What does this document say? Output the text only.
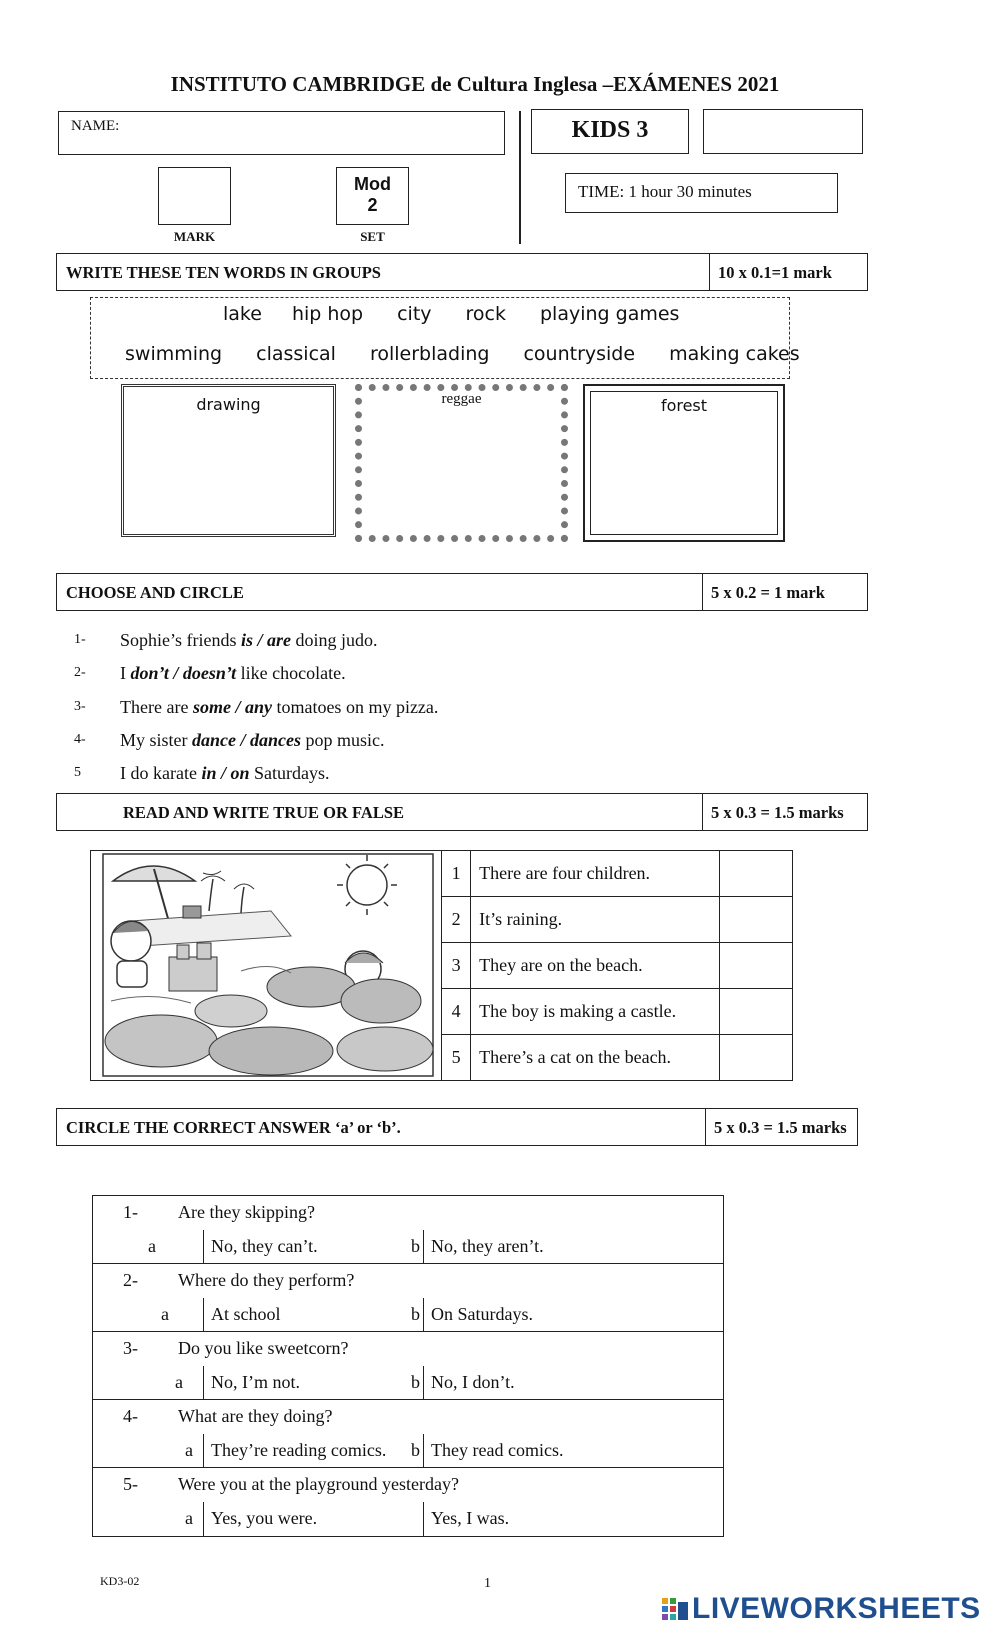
INSTITUTO CAMBRIDGE de Cultura Inglesa –EXÁMENES 2021
NAME:	KIDS 3
MARK
Mod
2
SET
TIME: 1 hour 30 minutes
WRITE THESE TEN WORDS IN GROUPS	10 x 0.1=1 mark
lake hip hop city rock playing games
swimming classical rollerblading countryside making cakes
drawing	reggae	forest
CHOOSE AND CIRCLE	5 x 0.2 = 1 mark
1- Sophie’s friends is / are doing judo.
2- I don’t / doesn’t like chocolate.
3- There are some / any tomatoes on my pizza.
4- My sister dance / dances pop music.
5 I do karate in / on Saturdays.
READ AND WRITE TRUE OR FALSE	5 x 0.3 = 1.5 marks
1	There are four children.	
2	It’s raining.	
3	They are on the beach.	
4	The boy is making a castle.	
5	There’s a cat on the beach.	
CIRCLE THE CORRECT ANSWER ‘a’ or ‘b’.	5 x 0.3 = 1.5 marks
1- Are they skipping?
a	No, they can’t.	b No, they aren’t.
2- Where do they perform?
a At school	b On Saturdays.
3- Do you like sweetcorn?
a No, I’m not.	b No, I don’t.
4- What are they doing?
a They’re reading comics. b They read comics.
5- Were you at the playground yesterday?
a Yes, you were.	Yes, I was.
KD3-02	1
LIVEWORKSHEETS
